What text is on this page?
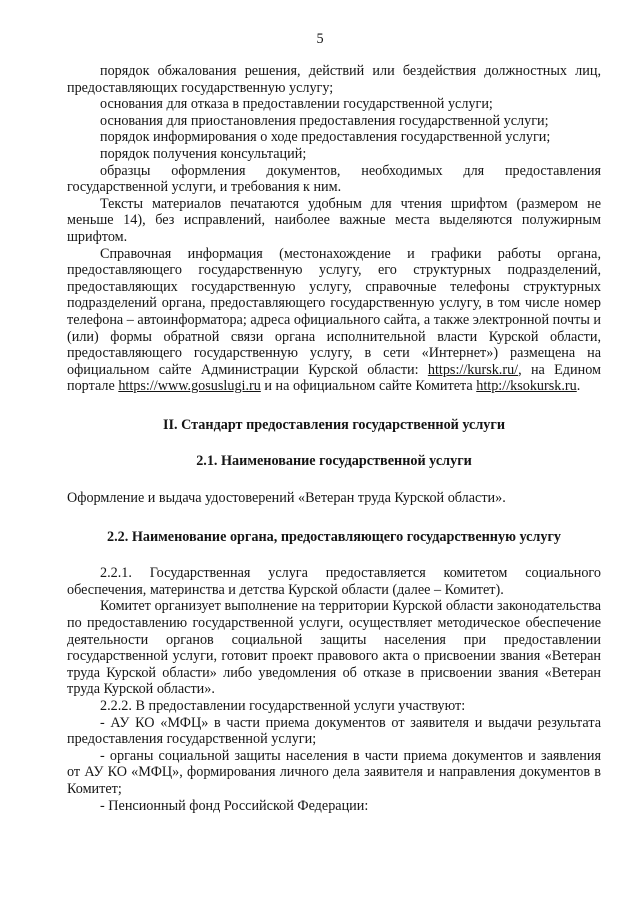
5

порядок обжалования решения, действий или бездействия должностных лиц, предоставляющих государственную услугу;

основания для отказа в предоставлении государственной услуги;

основания для приостановления предоставления государственной услуги;

порядок информирования о ходе предоставления государственной услуги;

порядок получения консультаций;

образцы оформления документов, необходимых для предоставления государственной услуги, и требования к ним.

Тексты материалов печатаются удобным для чтения шрифтом (размером не меньше 14), без исправлений, наиболее важные места выделяются полужирным шрифтом.

Справочная информация (местонахождение и графики работы органа, предоставляющего государственную услугу, его структурных подразделений, предоставляющих государственную услугу, справочные телефоны структурных подразделений органа, предоставляющего государственную услугу, в том числе номер телефона – автоинформатора; адреса официального сайта, а также электронной почты и (или) формы обратной связи органа исполнительной власти Курской области, предоставляющего государственную услугу, в сети «Интернет») размещена на официальном сайте Администрации Курской области: https://kursk.ru/, на Едином портале https://www.gosuslugi.ru и на официальном сайте Комитета http://ksokursk.ru.

II. Стандарт предоставления государственной услуги

2.1. Наименование государственной услуги

Оформление и выдача удостоверений «Ветеран труда Курской области».

2.2. Наименование органа, предоставляющего государственную услугу

2.2.1. Государственная услуга предоставляется комитетом социального обеспечения, материнства и детства Курской области (далее – Комитет).

Комитет организует выполнение на территории Курской области законодательства по предоставлению государственной услуги, осуществляет методическое обеспечение деятельности органов социальной защиты населения при предоставлении государственной услуги, готовит проект правового акта о присвоении звания «Ветеран труда Курской области» либо уведомления об отказе в присвоении звания «Ветеран труда Курской области».

2.2.2. В предоставлении государственной услуги участвуют:

- АУ КО «МФЦ» в части приема документов от заявителя и выдачи результата предоставления государственной услуги;

- органы социальной защиты населения в части приема документов и заявления от АУ КО «МФЦ», формирования личного дела заявителя и направления документов в Комитет;

- Пенсионный фонд Российской Федерации:
